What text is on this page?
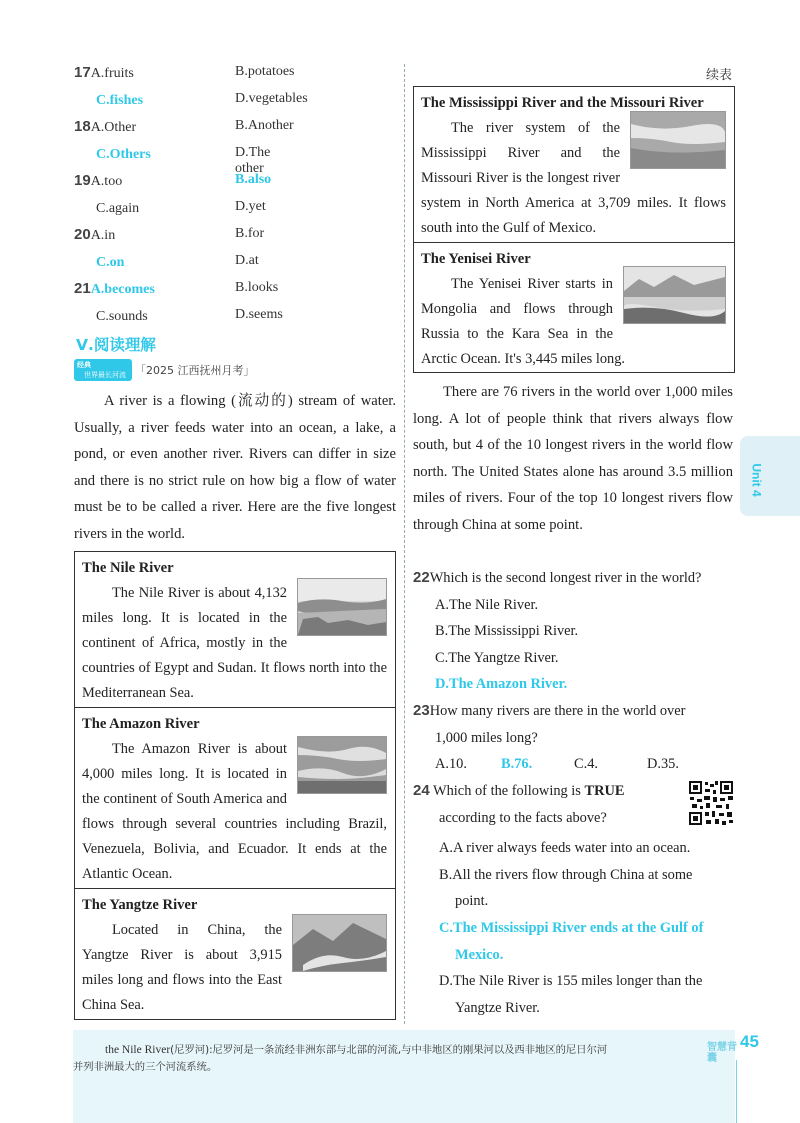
17A.fruits	B.potatoes
C.fishes	D.vegetables
18A.Other	B.Another
C.Others	D.The other
19A.too	B.also
C.again	D.yet
20A.in	B.for
C.on	D.at
21A.becomes	B.looks
C.sounds	D.seems
Ⅴ.阅读理解
经典
世界最长河流 「2025 江西抚州月考」
A river is a flowing (流动的) stream of water. Usually, a river feeds water into an ocean, a lake, a pond, or even another river. Rivers can differ in size and there is no strict rule on how big a flow of water must be to be called a river. Here are the five longest rivers in the world.
The Nile River
The Nile River is about 4,132 miles long. It is located in the continent of Africa, mostly in the countries of Egypt and Sudan. It flows north into the Mediterranean Sea.
The Amazon River
The Amazon River is about 4,000 miles long. It is located in the continent of South America and flows through several countries including Brazil, Venezuela, Bolivia, and Ecuador. It ends at the Atlantic Ocean.
The Yangtze River
Located in China, the Yangtze River is about 3,915 miles long and flows into the East China Sea.
续表
The Mississippi River and the Missouri River
The river system of the Mississippi River and the Missouri River is the longest river system in North America at 3,709 miles. It flows south into the Gulf of Mexico.
The Yenisei River
The Yenisei River starts in Mongolia and flows through Russia to the Kara Sea in the Arctic Ocean. It's 3,445 miles long.
There are 76 rivers in the world over 1,000 miles long. A lot of people think that rivers always flow south, but 4 of the 10 longest rivers in the world flow north. The United States alone has around 3.5 million miles of rivers. Four of the top 10 longest rivers flow through China at some point.
22Which is the second longest river in the world?
A.The Nile River.
B.The Mississippi River.
C.The Yangtze River.
D.The Amazon River.
23How many rivers are there in the world over
1,000 miles long?
A.10. B.76.	C.4.	D.35.
24 Which of the following is TRUE
according to the facts above?
A.A river always feeds water into an ocean.
B.All the rivers flow through China at some
point.
C.The Mississippi River ends at the Gulf of
Mexico.
D.The Nile River is 155 miles longer than the
Yangtze River.
Unit 4
the Nile River(尼罗河):尼罗河是一条流经非洲东部与北部的河流,与中非地区的刚果河以及西非地区的尼日尔河
并列非洲最大的三个河流系统。
45
智慧背囊
